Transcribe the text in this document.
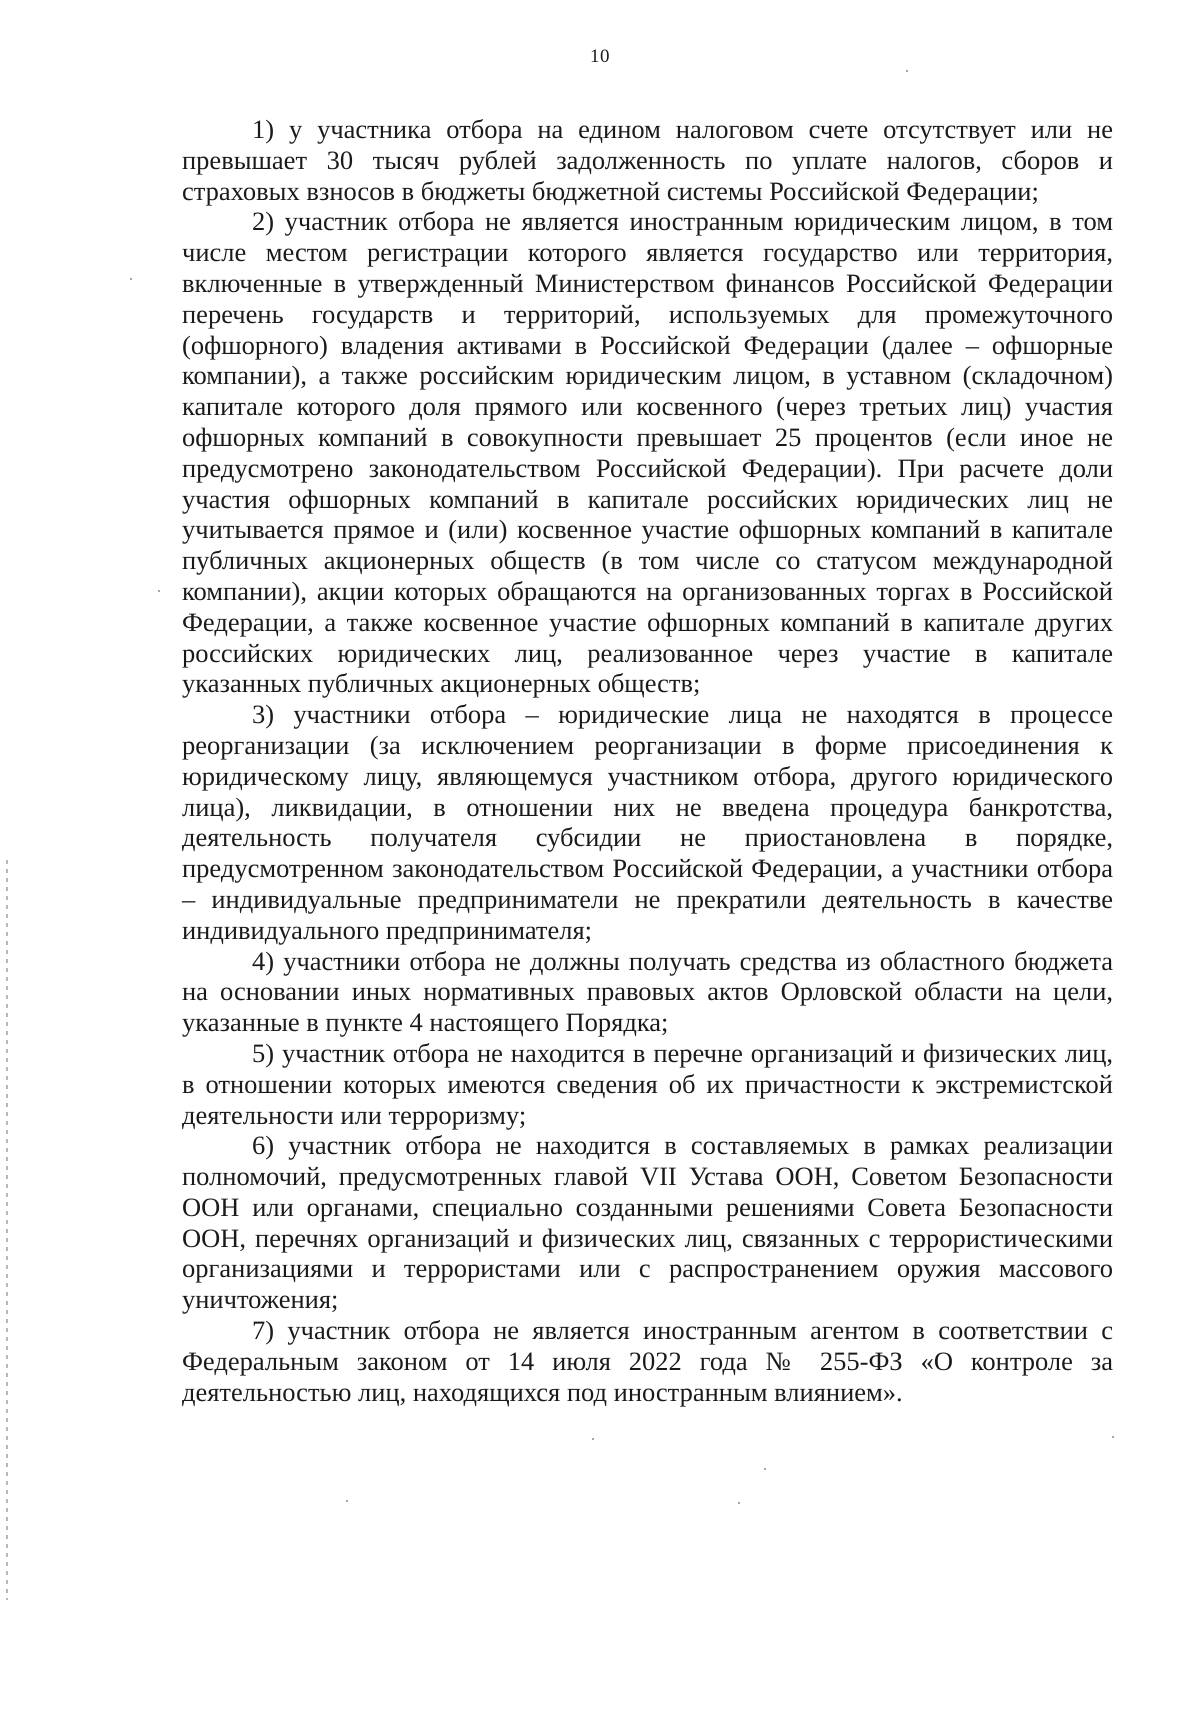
10

1) у участника отбора на едином налоговом счете отсутствует или не превышает 30 тысяч рублей задолженность по уплате налогов, сборов и страховых взносов в бюджеты бюджетной системы Российской Федерации;

2) участник отбора не является иностранным юридическим лицом, в том числе местом регистрации которого является государство или территория, включенные в утвержденный Министерством финансов Российской Федерации перечень государств и территорий, используемых для промежуточного (офшорного) владения активами в Российской Федерации (далее – офшорные компании), а также российским юридическим лицом, в уставном (складочном) капитале которого доля прямого или косвенного (через третьих лиц) участия офшорных компаний в совокупности превышает 25 процентов (если иное не предусмотрено законодательством Российской Федерации). При расчете доли участия офшорных компаний в капитале российских юридических лиц не учитывается прямое и (или) косвенное участие офшорных компаний в капитале публичных акционерных обществ (в том числе со статусом международной компании), акции которых обращаются на организованных торгах в Российской Федерации, а также косвенное участие офшорных компаний в капитале других российских юридических лиц, реализованное через участие в капитале указанных публичных акционерных обществ;

3) участники отбора – юридические лица не находятся в процессе реорганизации (за исключением реорганизации в форме присоединения к юридическому лицу, являющемуся участником отбора, другого юридического лица), ликвидации, в отношении них не введена процедура банкротства, деятельность получателя субсидии не приостановлена в порядке, предусмотренном законодательством Российской Федерации, а участники отбора – индивидуальные предприниматели не прекратили деятельность в качестве индивидуального предпринимателя;

4) участники отбора не должны получать средства из областного бюджета на основании иных нормативных правовых актов Орловской области на цели, указанные в пункте 4 настоящего Порядка;

5) участник отбора не находится в перечне организаций и физических лиц, в отношении которых имеются сведения об их причастности к экстремистской деятельности или терроризму;

6) участник отбора не находится в составляемых в рамках реализации полномочий, предусмотренных главой VII Устава ООН, Советом Безопасности ООН или органами, специально созданными решениями Совета Безопасности ООН, перечнях организаций и физических лиц, связанных с террористическими организациями и террористами или с распространением оружия массового уничтожения;

7) участник отбора не является иностранным агентом в соответствии с Федеральным законом от 14 июля 2022 года № 255-ФЗ «О контроле за деятельностью лиц, находящихся под иностранным влиянием».
